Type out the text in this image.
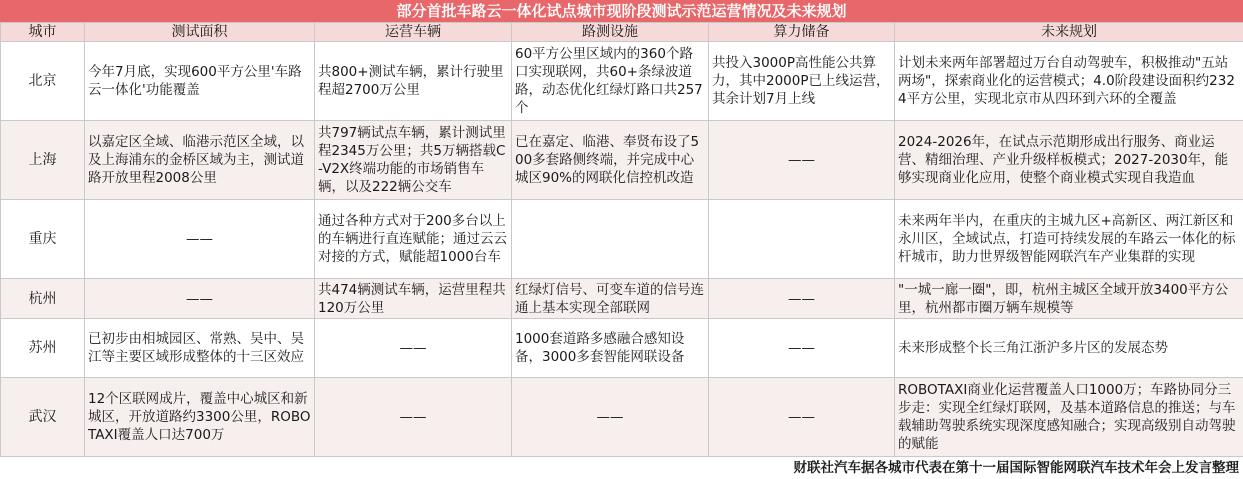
部分首批车路云一体化试点城市现阶段测试示范运营情况及未来规划
城市	测试面积	运营车辆	路测设施	算力储备	未来规划
北京	今年7月底，实现600平方公里'车路云一体化'功能覆盖	共800+测试车辆，累计行驶里程超2700万公里	60平方公里区域内的360个路口实现联网，共60+条绿波道路，动态优化红绿灯路口共257个	共投入3000P高性能公共算力，其中2000P已上线运营，其余计划7月上线	计划未来两年部署超过万台自动驾驶车，积极推动"五站两场"，探索商业化的运营模式；4.0阶段建设面积约2324平方公里，实现北京市从四环到六环的全覆盖
上海	以嘉定区全域、临港示范区全域，以及上海浦东的金桥区域为主，测试道路开放里程2008公里	共797辆试点车辆，累计测试里程2345万公里；共5万辆搭载C-V2X终端功能的市场销售车辆，以及222辆公交车	已在嘉定、临港、奉贤布设了500多套路侧终端，并完成中心城区90%的网联化信控机改造	——	2024-2026年，在试点示范期形成出行服务、商业运营、精细治理、产业升级样板模式；2027-2030年，能够实现商业化应用，使整个商业模式实现自我造血
重庆	——	通过各种方式对于200多台以上的车辆进行直连赋能；通过云云对接的方式，赋能超1000台车			未来两年半内，在重庆的主城九区+高新区、两江新区和永川区，全域试点，打造可持续发展的车路云一体化的标杆城市，助力世界级智能网联汽车产业集群的实现
杭州	——	共474辆测试车辆，运营里程共120万公里	红绿灯信号、可变车道的信号连通上基本实现全部联网	——	"一城一廊一圈"，即，杭州主城区全域开放3400平方公里，杭州都市圈万辆车规模等
苏州	已初步由相城园区、常熟、吴中、吴江等主要区域形成整体的十三区效应	——	1000套道路多感融合感知设备，3000多套智能网联设备	——	未来形成整个长三角江浙沪多片区的发展态势
武汉	12个区联网成片，覆盖中心城区和新城区，开放道路约3300公里，ROBOTAXI覆盖人口达700万	——	——	——	ROBOTAXI商业化运营覆盖人口1000万；车路协同分三步走：实现全红绿灯联网，及基本道路信息的推送；与车载辅助驾驶系统实现深度感知融合；实现高级别自动驾驶的赋能
财联社汽车据各城市代表在第十一届国际智能网联汽车技术年会上发言整理
